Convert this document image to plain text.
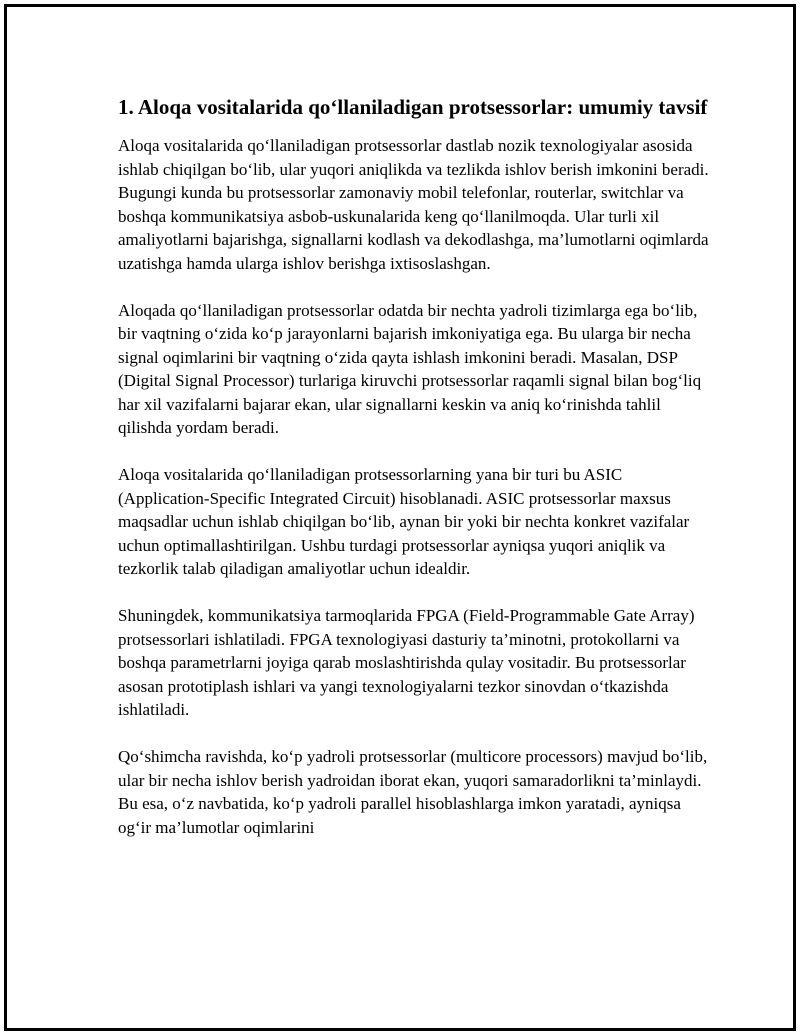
1. Aloqa vositalarida qo‘llaniladigan protsessorlar: umumiy tavsif

Aloqa vositalarida qo‘llaniladigan protsessorlar dastlab nozik texnologiyalar asosida ishlab chiqilgan bo‘lib, ular yuqori aniqlikda va tezlikda ishlov berish imkonini beradi. Bugungi kunda bu protsessorlar zamonaviy mobil telefonlar, routerlar, switchlar va boshqa kommunikatsiya asbob-uskunalarida keng qo‘llanilmoqda. Ular turli xil amaliyotlarni bajarishga, signallarni kodlash va dekodlashga, ma’lumotlarni oqimlarda uzatishga hamda ularga ishlov berishga ixtisoslashgan.

Aloqada qo‘llaniladigan protsessorlar odatda bir nechta yadroli tizimlarga ega bo‘lib, bir vaqtning o‘zida ko‘p jarayonlarni bajarish imkoniyatiga ega. Bu ularga bir necha signal oqimlarini bir vaqtning o‘zida qayta ishlash imkonini beradi. Masalan, DSP (Digital Signal Processor) turlariga kiruvchi protsessorlar raqamli signal bilan bog‘liq har xil vazifalarni bajarar ekan, ular signallarni keskin va aniq ko‘rinishda tahlil qilishda yordam beradi.

Aloqa vositalarida qo‘llaniladigan protsessorlarning yana bir turi bu ASIC (Application-Specific Integrated Circuit) hisoblanadi. ASIC protsessorlar maxsus maqsadlar uchun ishlab chiqilgan bo‘lib, aynan bir yoki bir nechta konkret vazifalar uchun optimallashtirilgan. Ushbu turdagi protsessorlar ayniqsa yuqori aniqlik va tezkorlik talab qiladigan amaliyotlar uchun idealdir.

Shuningdek, kommunikatsiya tarmoqlarida FPGA (Field-Programmable Gate Array) protsessorlari ishlatiladi. FPGA texnologiyasi dasturiy ta’minotni, protokollarni va boshqa parametrlarni joyiga qarab moslashtirishda qulay vositadir. Bu protsessorlar asosan prototiplash ishlari va yangi texnologiyalarni tezkor sinovdan o‘tkazishda ishlatiladi.

Qo‘shimcha ravishda, ko‘p yadroli protsessorlar (multicore processors) mavjud bo‘lib, ular bir necha ishlov berish yadroidan iborat ekan, yuqori samaradorlikni ta’minlaydi. Bu esa, o‘z navbatida, ko‘p yadroli parallel hisoblashlarga imkon yaratadi, ayniqsa og‘ir ma’lumotlar oqimlarini
